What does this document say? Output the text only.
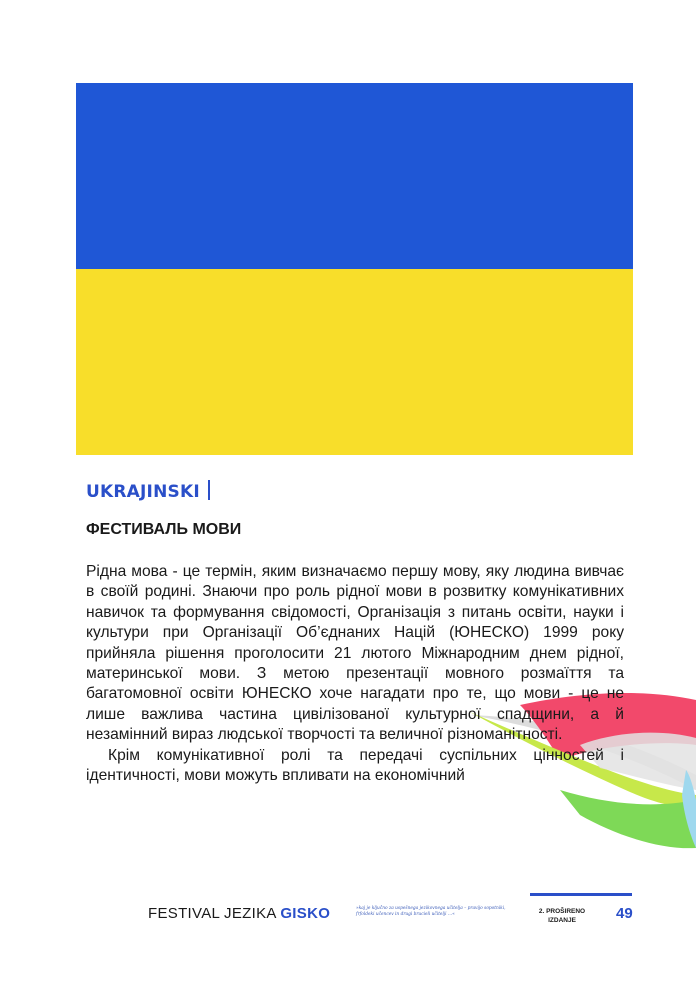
UKRAJINSKI
ФЕСТИВАЛЬ МОВИ

Рідна мова - це термін, яким визначаємо першу мову, яку людина вивчає в своїй родині. Знаючи про роль рідної мови в розвитку комунікативних навичок та формування свідомості, Організація з питань освіти, науки і культури при Організації Об’єднаних Націй (ЮНЕСКО) 1999 року прийняла рішення проголосити 21 лютого Міжнародним днем рідної, материнської мови. З метою презентації мовного розмаїття та багатомовної освіти ЮНЕСКО хоче нагадати про те, що мови - це не лише важлива частина цивілізованої культурної спадщини, а й незамінний вираз людської творчості та величної різноманітності.

Крім комунікативної ролі та передачі суспільних цінностей і ідентичності, мови можуть впливати на економічний

FESTIVAL JEZIKA GISKO	»kaj je ključno za uspešnega jezikovnega učitelja – pravijo sopotniki, frfoldeki učencev in drugi brucieli učitelji …«	2. PROŠIRENO IZDANJE	49
